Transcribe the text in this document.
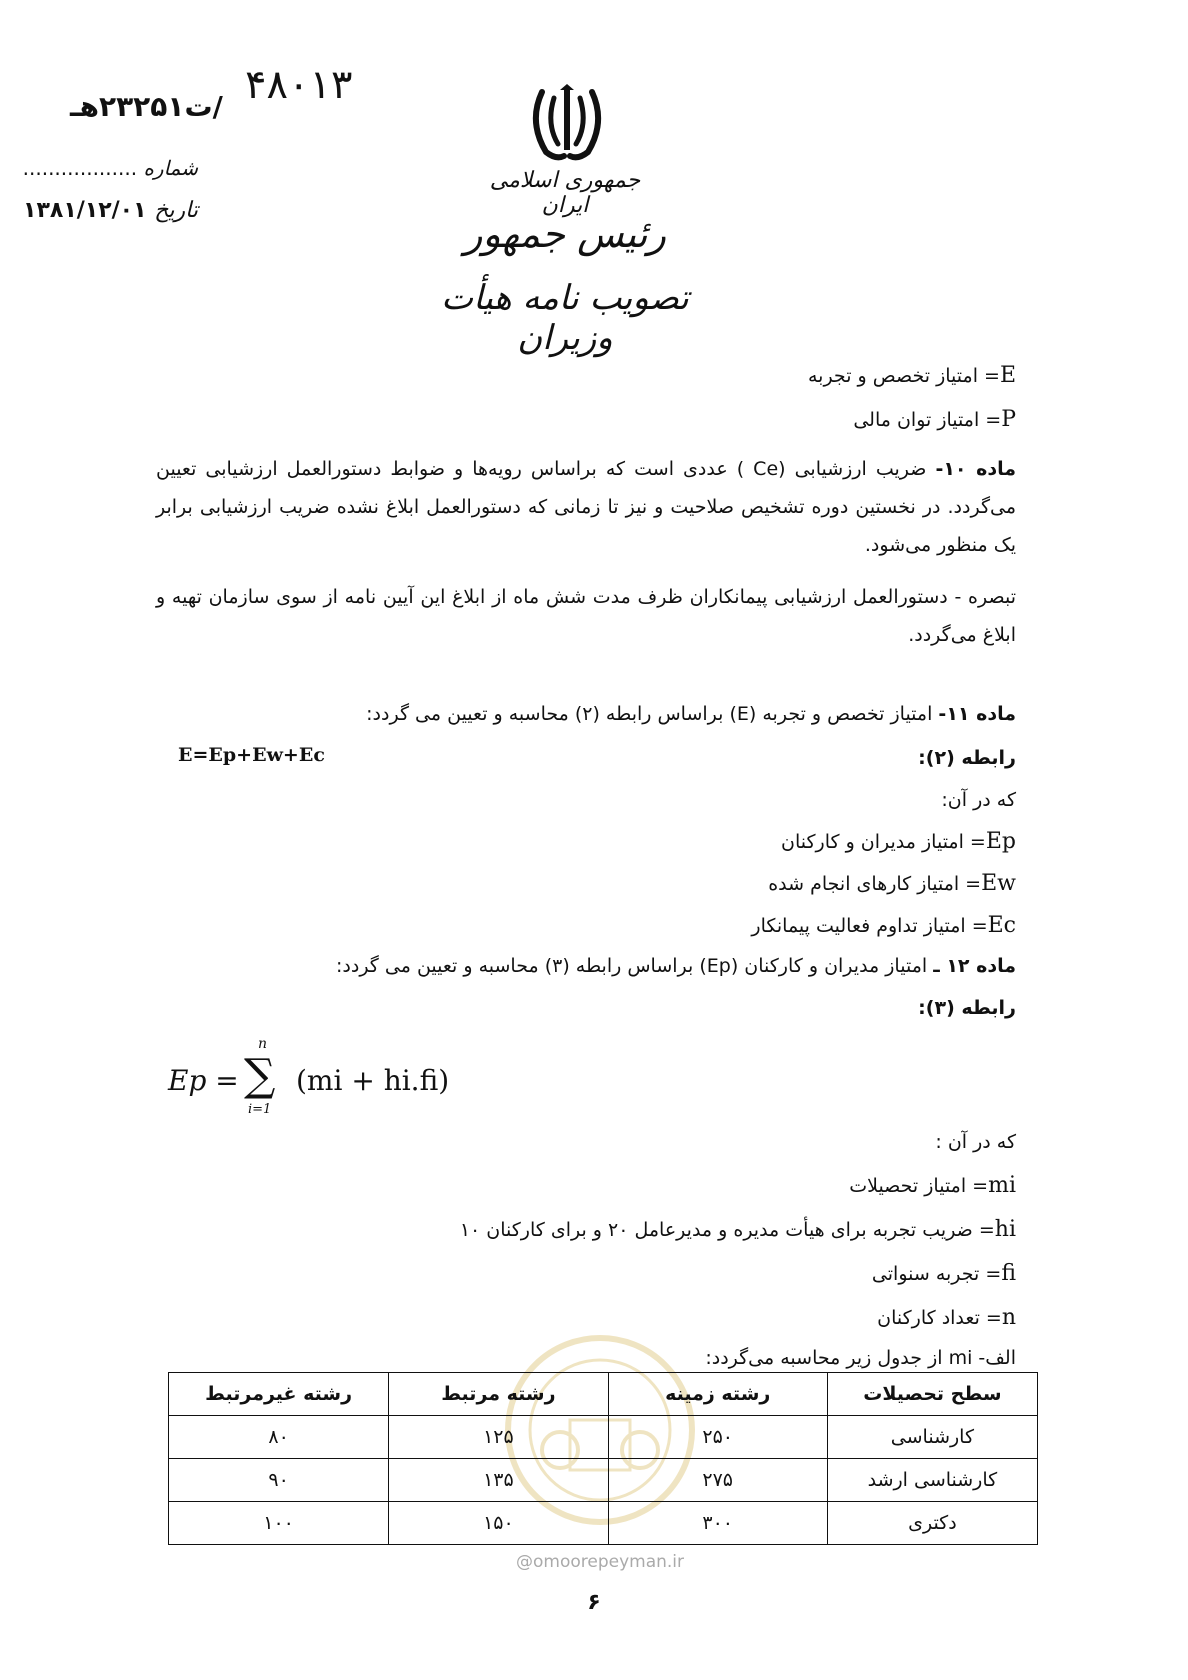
۴۸۰۱۳
/ت۲۳۲۵۱هـ
شماره ..................
تاریخ ۱۳۸۱/۱۲/۰۱
جمهوری اسلامی ایران
رئیس جمهور
تصویب نامه هیأت وزیران
E= امتیاز تخصص و تجربه
P= امتیاز توان مالی
ماده ۱۰- ضریب ارزشیابی (Ce ) عددی است که براساس رویه‌ها و ضوابط دستورالعمل ارزشیابی تعیین می‌گردد. در نخستین دوره تشخیص صلاحیت و نیز تا زمانی که دستورالعمل ابلاغ نشده ضریب ارزشیابی برابر یک منظور می‌شود.
تبصره - دستورالعمل ارزشیابی پیمانکاران ظرف مدت شش ماه از ابلاغ این آیین نامه از سوی سازمان تهیه و ابلاغ می‌گردد.
ماده ۱۱- امتیاز تخصص و تجربه (E) براساس رابطه (۲) محاسبه و تعیین می گردد:
رابطه (۲):
E=Ep+Ew+Ec
که در آن:
Ep= امتیاز مدیران و کارکنان
Ew= امتیاز کارهای انجام شده
Ec= امتیاز تداوم فعالیت پیمانکار
ماده ۱۲ ـ امتیاز مدیران و کارکنان (Ep) براساس رابطه (۳) محاسبه و تعیین می گردد:
رابطه (۳):
Ep =
n
∑
i=1
(mi + hi.fi)
که در آن :
mi= امتیاز تحصیلات
hi= ضریب تجربه برای هیأت مدیره و مدیرعامل ۲۰ و برای کارکنان ۱۰
fi= تجربه سنواتی
n= تعداد کارکنان
الف- mi از جدول زیر محاسبه می‌گردد:
سطح تحصیلات	رشته زمینه	رشته مرتبط	رشته غیرمرتبط
کارشناسی	۲۵۰	۱۲۵	۸۰
کارشناسی ارشد	۲۷۵	۱۳۵	۹۰
دکتری	۳۰۰	۱۵۰	۱۰۰
@omoorepeyman.ir
۶
